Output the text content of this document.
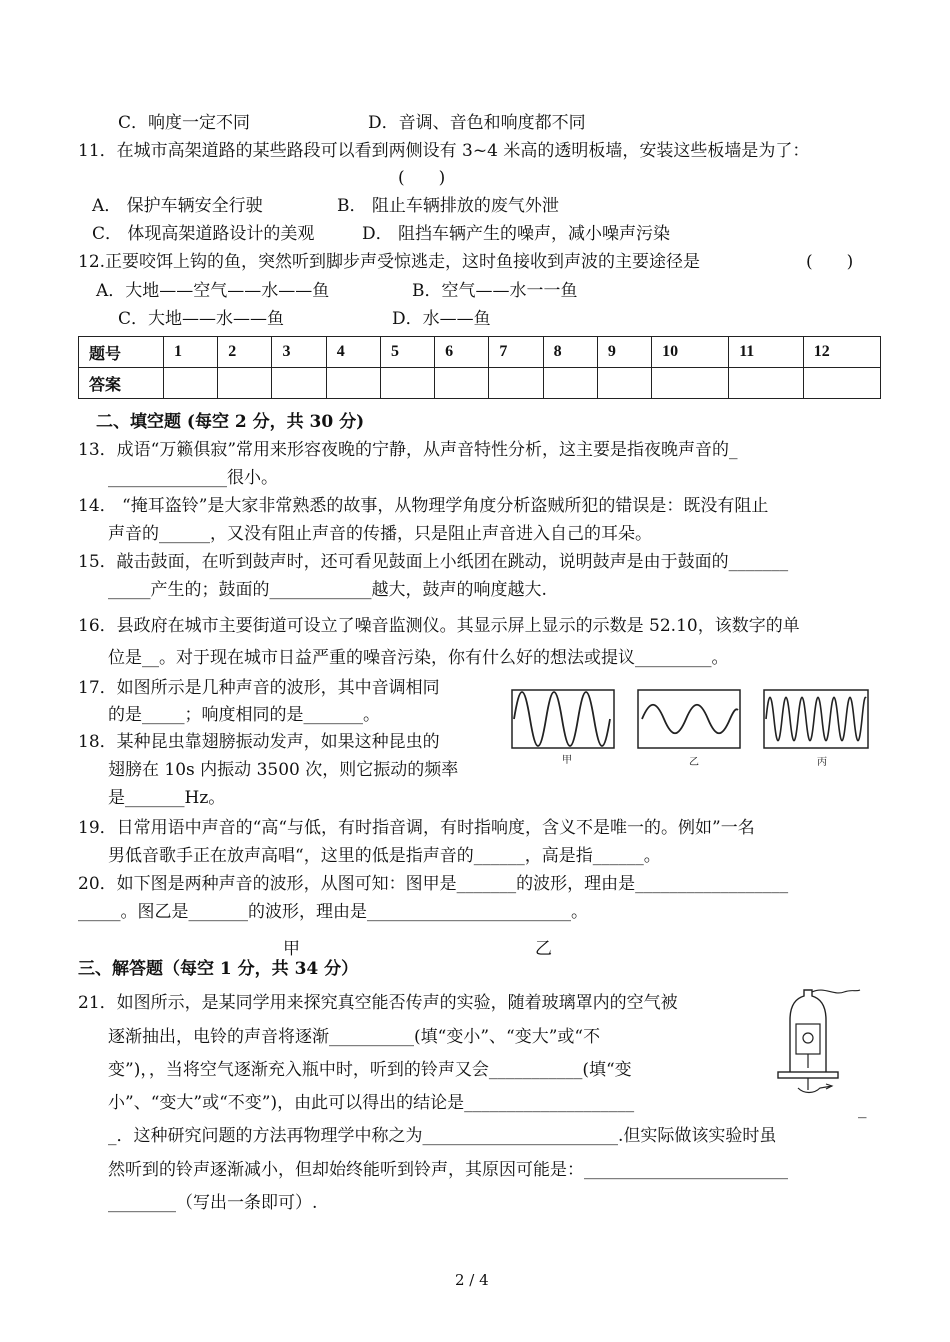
C．响度一定不同	D．音调、音色和响度都不同
11．在城市高架道路的某些路段可以看到两侧设有 3~4 米高的透明板墙，安装这些板墙是为了：
(　　)
A． 保护车辆安全行驶	B． 阻止车辆排放的废气外泄
C． 体现高架道路设计的美观	D． 阻挡车辆产生的噪声，减小噪声污染
12.正要咬饵上钩的鱼，突然听到脚步声受惊逃走，这时鱼接收到声波的主要途径是	(　　)
A．大地——空气——水——鱼	B．空气——水一一鱼
C．大地——水——鱼	D．水——鱼
题号	1	2	3	4	5	6	7	8	9	10	11	12
答案												
二、填空题 (每空 2 分，共 30 分)
13．成语“万籁俱寂”常用来形容夜晚的宁静，从声音特性分析，这主要是指夜晚声音的_
______________很小。
14． “掩耳盗铃”是大家非常熟悉的故事，从物理学角度分析盗贼所犯的错误是：既没有阻止
声音的______，又没有阻止声音的传播，只是阻止声音进入自己的耳朵。
15．敲击鼓面，在听到鼓声时，还可看见鼓面上小纸团在跳动，说明鼓声是由于鼓面的_______
_____产生的；鼓面的____________越大，鼓声的响度越大.
16．县政府在城市主要街道可设立了噪音监测仪。其显示屏上显示的示数是 52.10，该数字的单
位是__。对于现在城市日益严重的噪音污染，你有什么好的想法或提议_________。
17．如图所示是几种声音的波形，其中音调相同
的是_____；响度相同的是_______。
18．某种昆虫靠翅膀振动发声，如果这种昆虫的
翅膀在 10s 内振动 3500 次，则它振动的频率
是_______Hz。
甲	乙	丙
19．日常用语中声音的“高“与低，有时指音调，有时指响度，含义不是唯一的。例如”一名
男低音歌手正在放声高唱“，这里的低是指声音的______，高是指______。
20．如下图是两种声音的波形，从图可知：图甲是_______的波形，理由是__________________
_____。图乙是_______的波形，理由是________________________。
甲	乙
三、解答题（每空 1 分，共 34 分）
21．如图所示，是某同学用来探究真空能否传声的实验，随着玻璃罩内的空气被
逐渐抽出，电铃的声音将逐渐__________(填“变小”、“变大”或“不
变”)，，当将空气逐渐充入瓶中时，听到的铃声又会___________(填“变
小”、“变大”或“不变”)，由此可以得出的结论是____________________	_
_．这种研究问题的方法再物理学中称之为_______________________.但实际做该实验时虽
然听到的铃声逐渐减小，但却始终能听到铃声，其原因可能是：________________________
________（写出一条即可）.
2 / 4
